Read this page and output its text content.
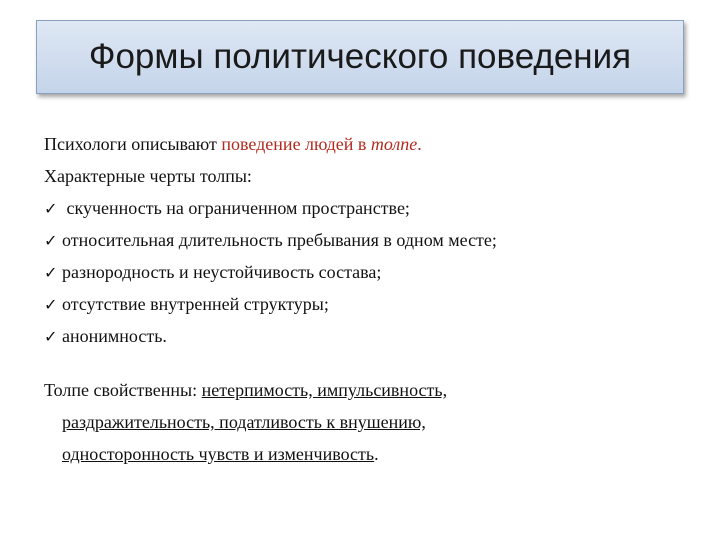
Формы политического поведения
Психологи описывают поведение людей в толпе.
Характерные черты толпы:
✓ скученность на ограниченном пространстве;
✓ относительная длительность пребывания в одном месте;
✓ разнородность и неустойчивость состава;
✓ отсутствие внутренней структуры;
✓ анонимность.
Толпе свойственны: нетерпимость, импульсивность,
раздражительность, податливость к внушению,
односторонность чувств и изменчивость.
